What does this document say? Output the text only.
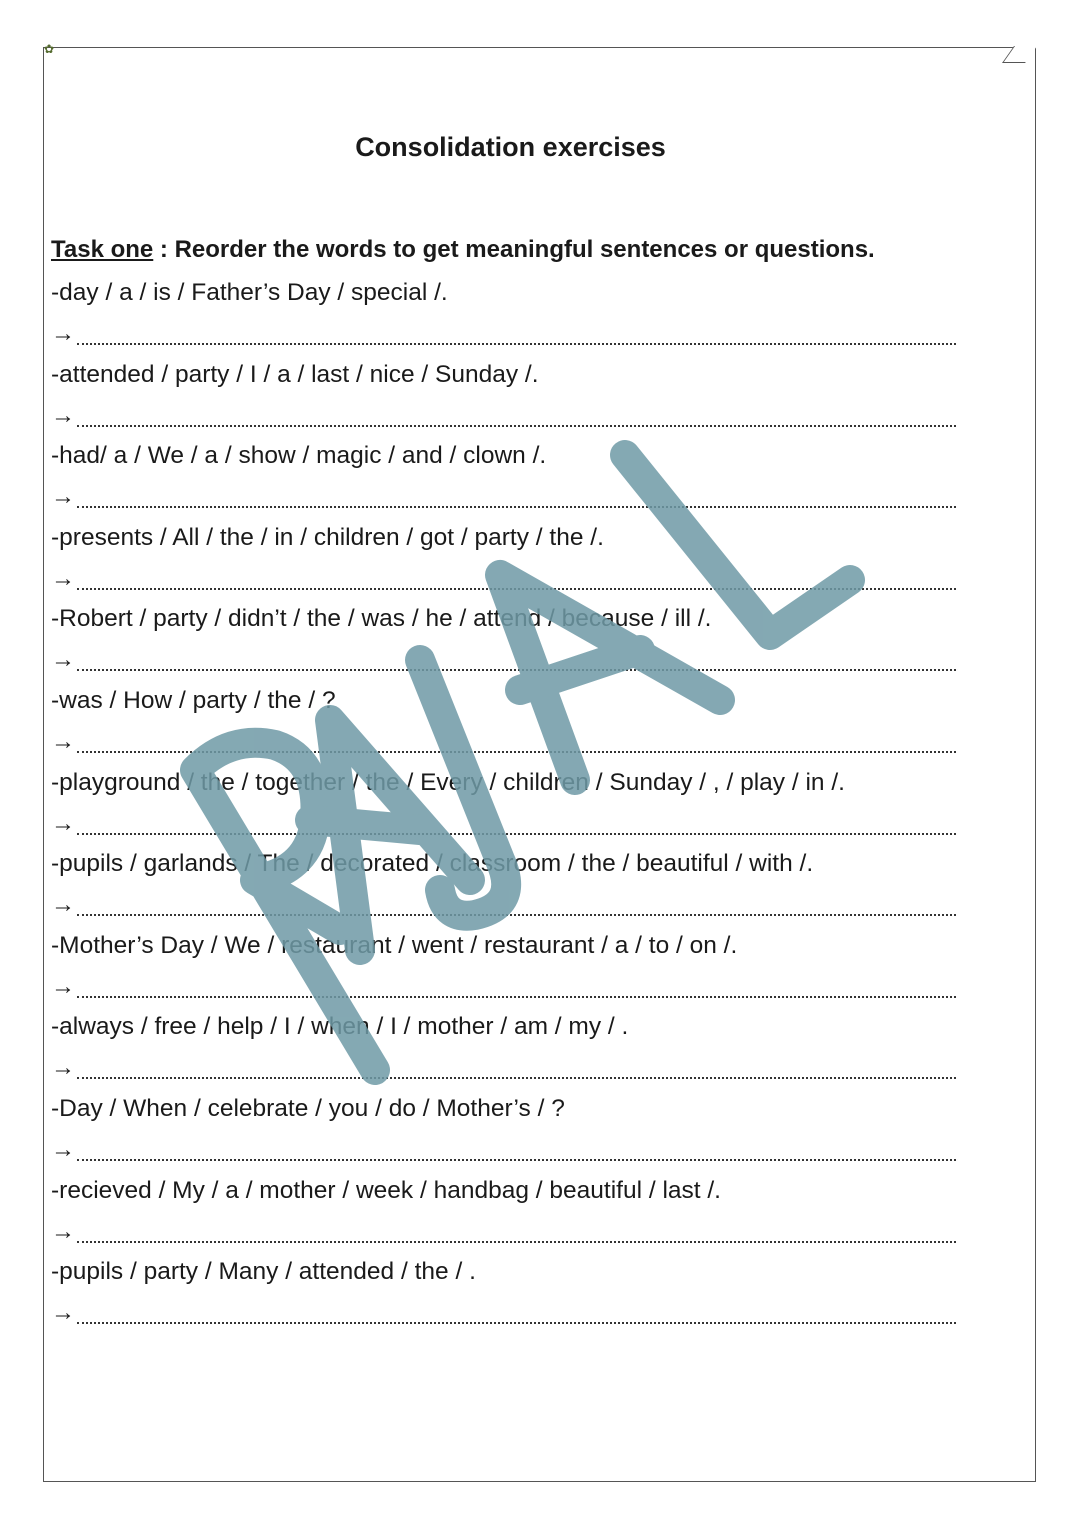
✿
Consolidation exercises
Task one : Reorder the words to get meaningful sentences or questions.
-day / a / is / Father’s Day / special /.
→
-attended / party / I / a / last / nice / Sunday /.
→
-had/ a / We / a / show / magic / and / clown /.
→
-presents / All / the / in / children / got / party / the /.
→
-Robert / party / didn’t / the / was / he / attend / because / ill /.
→
-was / How / party / the / ?
→
-playground / the / together / the / Every / children / Sunday / , / play / in /.
→
-pupils / garlands / The / decorated / classroom / the / beautiful / with /.
→
-Mother’s Day / We / restaurant / went / restaurant / a / to / on /.
→
-always / free / help / I / when / I / mother / am / my / .
→
-Day / When / celebrate / you / do / Mother’s / ?
→
-recieved / My / a / mother / week / handbag / beautiful / last /.
→
-pupils / party / Many / attended / the / .
→
